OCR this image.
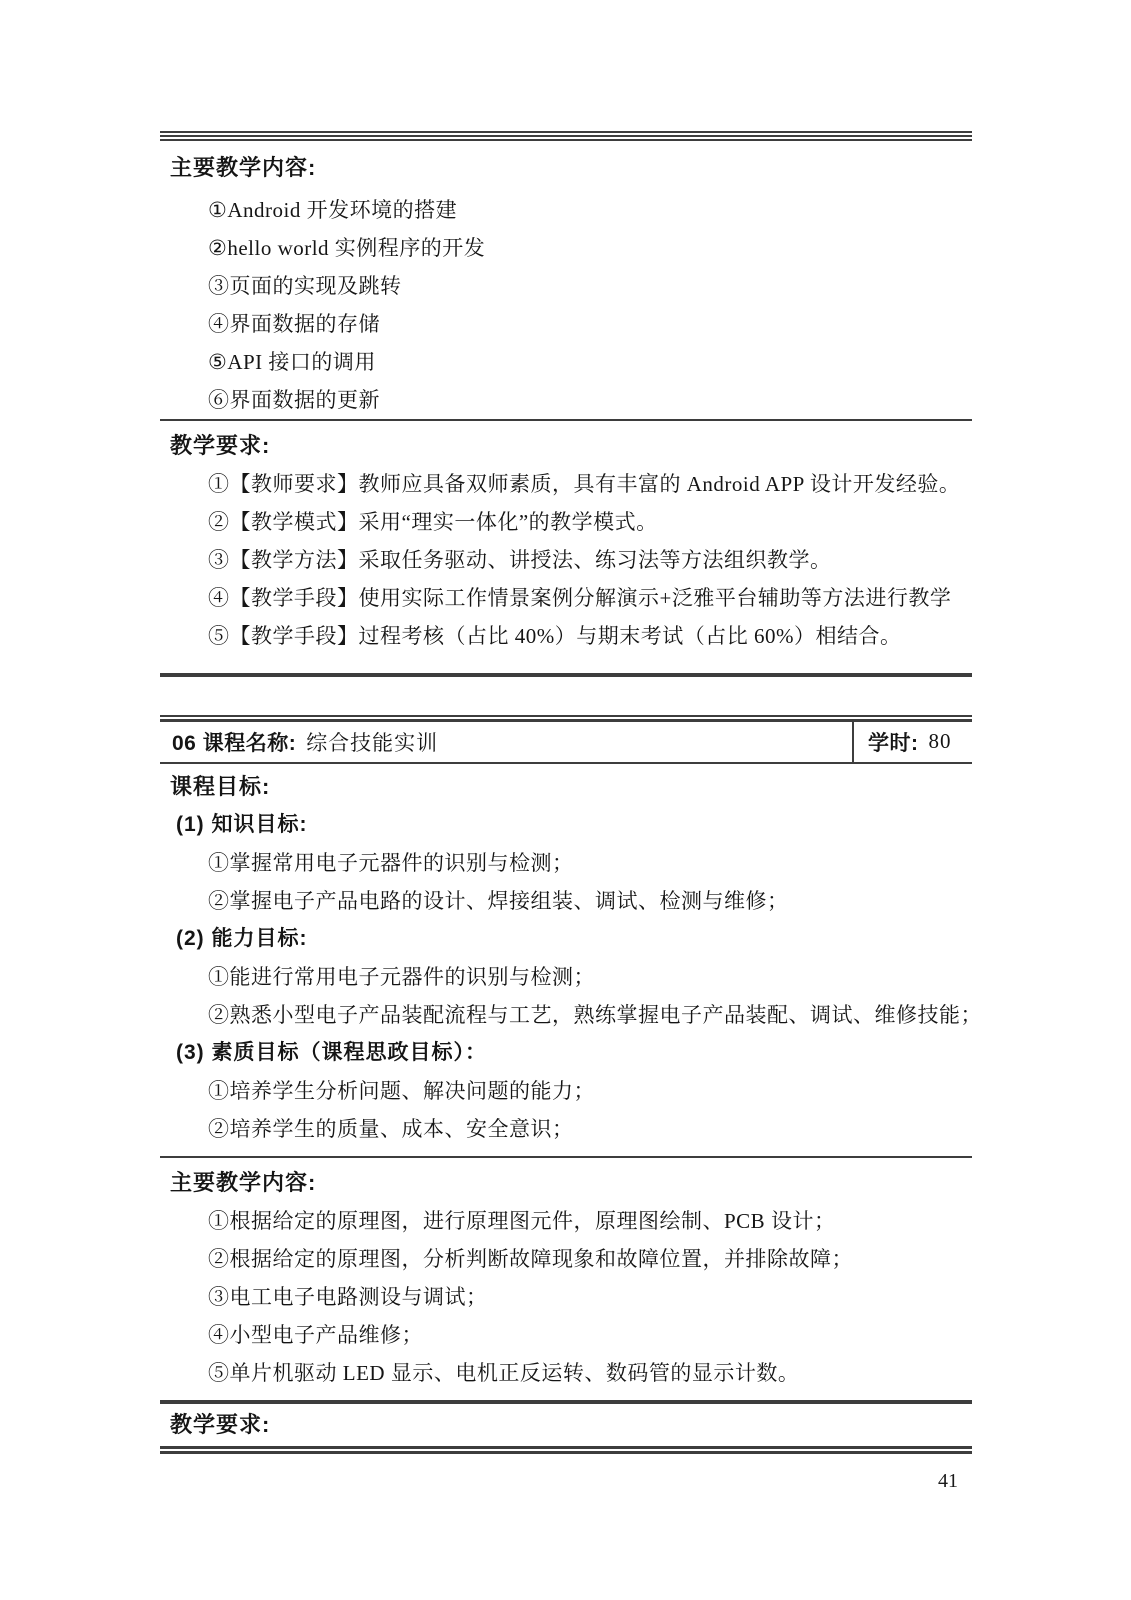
主要教学内容:
①Android 开发环境的搭建
②hello world 实例程序的开发
③页面的实现及跳转
④界面数据的存储
⑤API 接口的调用
⑥界面数据的更新
教学要求:
①【教师要求】教师应具备双师素质，具有丰富的 Android APP 设计开发经验。
②【教学模式】采用“理实一体化”的教学模式。
③【教学方法】采取任务驱动、讲授法、练习法等方法组织教学。
④【教学手段】使用实际工作情景案例分解演示+泛雅平台辅助等方法进行教学
⑤【教学手段】过程考核（占比 40%）与期末考试（占比 60%）相结合。
06 课程名称: 综合技能实训	学时: 80
课程目标:
(1) 知识目标:
①掌握常用电子元器件的识别与检测；
②掌握电子产品电路的设计、焊接组装、调试、检测与维修；
(2) 能力目标:
①能进行常用电子元器件的识别与检测；
②熟悉小型电子产品装配流程与工艺，熟练掌握电子产品装配、调试、维修技能；
(3) 素质目标（课程思政目标）：
①培养学生分析问题、解决问题的能力；
②培养学生的质量、成本、安全意识；
主要教学内容:
①根据给定的原理图，进行原理图元件，原理图绘制、PCB 设计；
②根据给定的原理图，分析判断故障现象和故障位置，并排除故障；
③电工电子电路测设与调试；
④小型电子产品维修；
⑤单片机驱动 LED 显示、电机正反运转、数码管的显示计数。
教学要求:
41
